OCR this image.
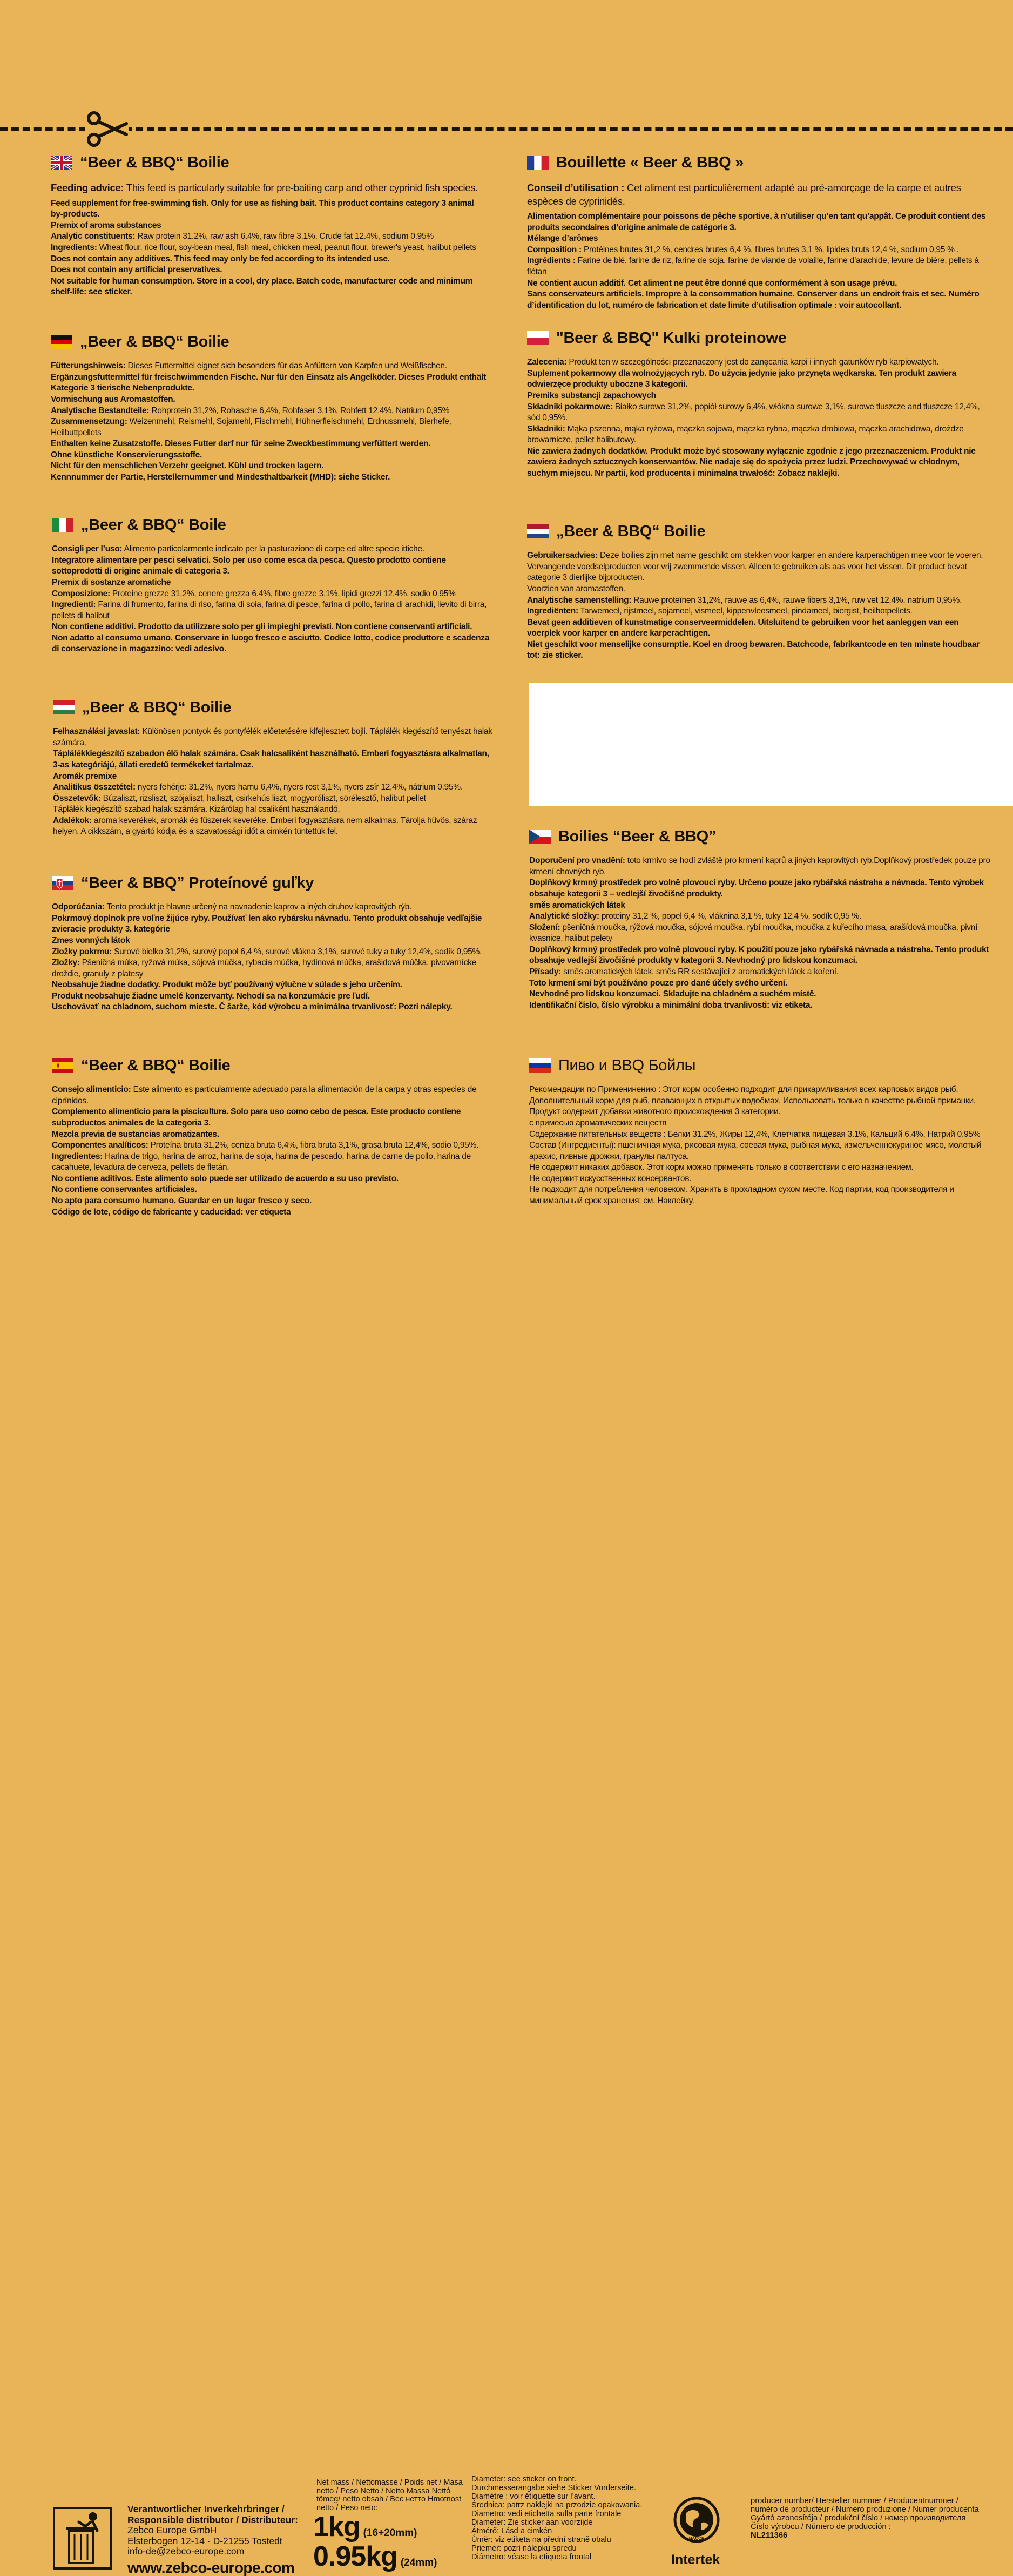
“Beer & BBQ“ Boilie

Feeding advice: This feed is particularly suitable for pre-baiting carp and other cyprinid fish species.

Feed supplement for free-swimming fish. Only for use as fishing bait. This product contains category 3 animal by-products.

Premix of aroma substances

Analytic constituents: Raw protein 31.2%, raw ash 6.4%, raw fibre 3.1%, Crude fat 12.4%, sodium 0.95%

Ingredients: Wheat flour, rice flour, soy-bean meal, fish meal, chicken meal, peanut flour, brewer's yeast, halibut pellets

Does not contain any additives. This feed may only be fed according to its intended use.

Does not contain any artificial preservatives.

Not suitable for human consumption. Store in a cool, dry place. Batch code, manufacturer code and minimum shelf-life: see sticker.

„Beer & BBQ“ Boilie

Fütterungshinweis: Dieses Futtermittel eignet sich besonders für das Anfüttern von Karpfen und Weißfischen.

Ergänzungsfuttermittel für freischwimmenden Fische. Nur für den Einsatz als Angelköder. Dieses Produkt enthält Kategorie 3 tierische Nebenprodukte.

Vormischung aus Aromastoffen.

Analytische Bestandteile: Rohprotein 31,2%, Rohasche 6,4%, Rohfaser 3,1%, Rohfett 12,4%, Natrium 0,95%

Zusammensetzung: Weizenmehl, Reismehl, Sojamehl, Fischmehl, Hühnerfleischmehl, Erdnussmehl, Bierhefe, Heilbuttpellets

Enthalten keine Zusatzstoffe. Dieses Futter darf nur für seine Zweckbestimmung verfüttert werden.

Ohne künstliche Konservierungsstoffe.

Nicht für den menschlichen Verzehr geeignet. Kühl und trocken lagern.

Kennnummer der Partie, Herstellernummer und Mindesthaltbarkeit (MHD): siehe Sticker.

„Beer & BBQ“ Boile

Consigli per l’uso: Alimento particolarmente indicato per la pasturazione di carpe ed altre specie ittiche.

Integratore alimentare per pesci selvatici. Solo per uso come esca da pesca. Questo prodotto contiene sottoprodotti di origine animale di categoria 3.

Premix di sostanze aromatiche

Composizione: Proteine grezze 31.2%, cenere grezza 6.4%, fibre grezze 3.1%, lipidi grezzi 12.4%, sodio 0.95%

Ingredienti: Farina di frumento, farina di riso, farina di soia, farina di pesce, farina di pollo, farina di arachidi, lievito di birra, pellets di halibut

Non contiene additivi. Prodotto da utilizzare solo per gli impieghi previsti. Non contiene conservanti artificiali.

Non adatto al consumo umano. Conservare in luogo fresco e asciutto. Codice lotto, codice produttore e scadenza di conservazione in magazzino: vedi adesivo.

„Beer & BBQ“ Boilie

Felhasználási javaslat: Különösen pontyok és pontyfélék előetetésére kifejlesztett bojli. Táplálék kiegészítő tenyészt halak számára.

Táplálékkiegészítő szabadon élő halak számára. Csak halcsaliként használható. Emberi fogyasztásra alkalmatlan, 3-as kategóriájú, állati eredetű termékeket tartalmaz.

Aromák premixe

Analitikus összetétel: nyers fehérje: 31,2%, nyers hamu 6,4%, nyers rost 3,1%, nyers zsír 12,4%, nátrium 0,95%.

Összetevők: Búzaliszt, rizsliszt, szójaliszt, halliszt, csirkehús liszt, mogyoróliszt, sörélesztő, halibut pellet

Táplálék kiegészítő szabad halak számára. Kizárólag hal csaliként használandó.

Adalékok: aroma keverékek, aromák és fűszerek keveréke. Emberi fogyasztásra nem alkalmas. Tárolja hűvös, száraz helyen. A cikkszám, a gyártó kódja és a szavatossági időt a cimkén tüntettük fel.

“Beer & BBQ” Proteínové guľky

Odporúčania: Tento produkt je hlavne určený na navnadenie kaprov a iných druhov kaprovitých rýb.

Pokrmový doplnok pre voľne žijúce ryby. Používať len ako rybársku návnadu. Tento produkt obsahuje vedľajšie zvieracie produkty 3. kategórie

Zmes vonných látok

Zložky pokrmu: Surové bielko 31,2%, surový popol 6,4 %, surové vlákna 3,1%, surové tuky a tuky 12,4%, sodík 0,95%.

Zložky: Pšeničná múka, ryžová múka, sójová múčka, rybacia múčka, hydinová múčka, arašidová múčka, pivovarnícke droždie, granuly z platesy

Neobsahuje žiadne dodatky. Produkt môže byť používaný výlučne v súlade s jeho určením.

Produkt neobsahuje žiadne umelé konzervanty. Nehodí sa na konzumácie pre ľudí.

Uschovávať na chladnom, suchom mieste. Č šarže, kód výrobcu a minimálna trvanlivosť: Pozri nálepky.

“Beer & BBQ“ Boilie

Consejo alimenticio: Este alimento es particularmente adecuado para la alimentación de la carpa y otras especies de ciprínidos.

Complemento alimenticio para la piscicultura. Solo para uso como cebo de pesca. Este producto contiene subproductos animales de la categoria 3.

Mezcla previa de sustancias aromatizantes.

Componentes analíticos: Proteína bruta 31,2%, ceniza bruta 6,4%, fibra bruta 3,1%, grasa bruta 12,4%, sodio 0,95%.

Ingredientes: Harina de trigo, harina de arroz, harina de soja, harina de pescado, harina de carne de pollo, harina de cacahuete, levadura de cerveza, pellets de fletán.

No contiene aditivos. Este alimento solo puede ser utilizado de acuerdo a su uso previsto.

No contiene conservantes artificiales.

No apto para consumo humano. Guardar en un lugar fresco y seco.

Código de lote, código de fabricante y caducidad: ver etiqueta

Bouillette « Beer & BBQ »

Conseil d’utilisation : Cet aliment est particulièrement adapté au pré-amorçage de la carpe et autres espèces de cyprinidés.

Alimentation complémentaire pour poissons de pêche sportive, à n’utiliser qu’en tant qu’appât. Ce produit contient des produits secondaires d’origine animale de catégorie 3.

Mélange d’arômes

Composition : Protéines brutes 31,2 %, cendres brutes 6,4 %, fibres brutes 3,1 %, lipides bruts 12,4 %, sodium 0,95 % .

Ingrédients : Farine de blé, farine de riz, farine de soja, farine de viande de volaille, farine d’arachide, levure de bière, pellets à flétan

Ne contient aucun additif. Cet aliment ne peut être donné que conformément à son usage prévu.

Sans conservateurs artificiels. Impropre à la consommation humaine. Conserver dans un endroit frais et sec. Numéro d’identification du lot, numéro de fabrication et date limite d’utilisation optimale : voir autocollant.

"Beer & BBQ" Kulki proteinowe

Zalecenia: Produkt ten w szczególności przeznaczony jest do zanęcania karpi i innych gatunków ryb karpiowatych.

Suplement pokarmowy dla wolnożyjących ryb. Do użycia jedynie jako przynęta wędkarska. Ten produkt zawiera odwierzęce produkty uboczne 3 kategorii.

Premiks substancji zapachowych

Składniki pokarmowe: Białko surowe 31,2%, popiół surowy 6,4%, włókna surowe 3,1%, surowe tłuszcze and tłuszcze 12,4%, sód 0,95%.

Składniki: Mąka pszenna, mąka ryżowa, mączka sojowa, mączka rybna, mączka drobiowa, mączka arachidowa, drożdże browarnicze, pellet halibutowy.

Nie zawiera żadnych dodatków. Produkt może być stosowany wyłącznie zgodnie z jego przeznaczeniem. Produkt nie zawiera żadnych sztucznych konserwantów. Nie nadaje się do spożycia przez ludzi. Przechowywać w chłodnym, suchym miejscu. Nr partii, kod producenta i minimalna trwałość: Zobacz naklejki.

„Beer & BBQ“ Boilie

Gebruikersadvies: Deze boilies zijn met name geschikt om stekken voor karper en andere karperachtigen mee voor te voeren. Vervangende voedselproducten voor vrij zwemmende vissen. Alleen te gebruiken als aas voor het vissen. Dit product bevat categorie 3 dierlijke bijproducten.

Voorzien van aromastoffen.

Analytische samenstelling: Rauwe proteïnen 31,2%, rauwe as 6,4%, rauwe fibers 3,1%, ruw vet 12,4%, natrium 0,95%.

Ingrediënten: Tarwemeel, rijstmeel, sojameel, vismeel, kippenvleesmeel, pindameel, biergist, heilbotpellets.

Bevat geen additieven of kunstmatige conserveermiddelen. Uitsluitend te gebruiken voor het aanleggen van een voerplek voor karper en andere karperachtigen.

Niet geschikt voor menselijke consumptie. Koel en droog bewaren. Batchcode, fabrikantcode en ten minste houdbaar tot: zie sticker.

Boilies “Beer & BBQ”

Doporučení pro vnadění: toto krmivo se hodí zvláště pro krmení kaprů a jiných kaprovitých ryb.Doplňkový prostředek pouze pro krmení chovných ryb.

Doplňkový krmný prostředek pro volně plovoucí ryby. Určeno pouze jako rybářská nástraha a návnada. Tento výrobek obsahuje kategorii 3 – vedlejší živočišné produkty.

směs aromatických látek

Analytické složky: proteiny 31,2 %, popel 6,4 %, vláknina 3,1 %, tuky 12,4 %, sodík 0,95 %.

Složení: pšeničná moučka, rýžová moučka, sójová moučka, rybí moučka, moučka z kuřecího masa, arašídová moučka, pivní kvasnice, halibut pelety

Doplňkový krmný prostředek pro volně plovoucí ryby. K použití pouze jako rybářská návnada a nástraha. Tento produkt obsahuje vedlejší živočišné produkty v kategorii 3. Nevhodný pro lidskou konzumaci.

Přísady: směs aromatických látek, směs RR sestávající z aromatických látek a koření.

Toto krmení smí být používáno pouze pro dané účely svého určení.

Nevhodné pro lidskou konzumaci. Skladujte na chladném a suchém místě.

Identifikační číslo, číslo výrobku a minimální doba trvanlivosti: viz etiketa.

Пиво и BBQ Бойлы

Рекомендации по Применинению : Этот корм особенно подходит для прикармливания всех карповых видов рыб.

Дополнительный корм для рыб, плавающих в открытых водоёмах. Использовать только в качестве рыбной приманки. Продукт содержит добавки животного происхождения 3 категории.

с примесью ароматических веществ

Содержание питательных веществ : Белки 31.2%, Жиры 12,4%, Клетчатка пищевая 3.1%, Кальций 6.4%, Натрий 0.95%

Состав (Ингредиенты): пшеничная мука, рисовая мука, соевая мука, рыбная мука, измельченнокуриное мясо, молотый арахис, пивные дрожжи, гранулы палтуса.

Не содержит никаких добавок. Этот корм можно применять только в соответствии с его назначением.

Не содержит искусственных консервантов.

Не подходит для потребления человеком. Хранить в прохладном сухом месте. Код партии, код производителя и минимальный срок хранения: см. Наклейку.

Verantwortlicher Inverkehrbringer / Responsible distributor / Distributeur:
Zebco Europe GmbH
Elsterbogen 12-14 · D-21255 Tostedt
info-de@zebco-europe.com
www.zebco-europe.com
Net mass / Nettomasse / Poids net / Masa netto / Peso Netto / Netto Massa Nettó tömeg/ netto obsah / Вес нетто Hmotnost netto / Peso neto:
1kg (16+20mm)
0.95kg (24mm)
Diameter: see sticker on front.
Durchmesserangabe siehe Sticker Vorderseite.
Diamètre : voir étiquette sur l’avant.
Średnica: patrz naklejki na przodzie opakowania.
Diametro: vedi etichetta sulla parte frontale
Diameter: Zie sticker aan voorzijde
Átmérő: Lásd a cimkén
Ůmĕr: viz etiketa na přední straně obalu
Priemer: pozri nálepku spredu
Diámetro: véase la etiqueta frontal
HACCP
Intertek
producer number/ Hersteller nummer / Producentnummer /
numéro de producteur / Numero produzione / Numer producenta
Gyártó azonosítója / produkční číslo / номер производителя
Číslo výrobcu / Número de producción :
NL211366
